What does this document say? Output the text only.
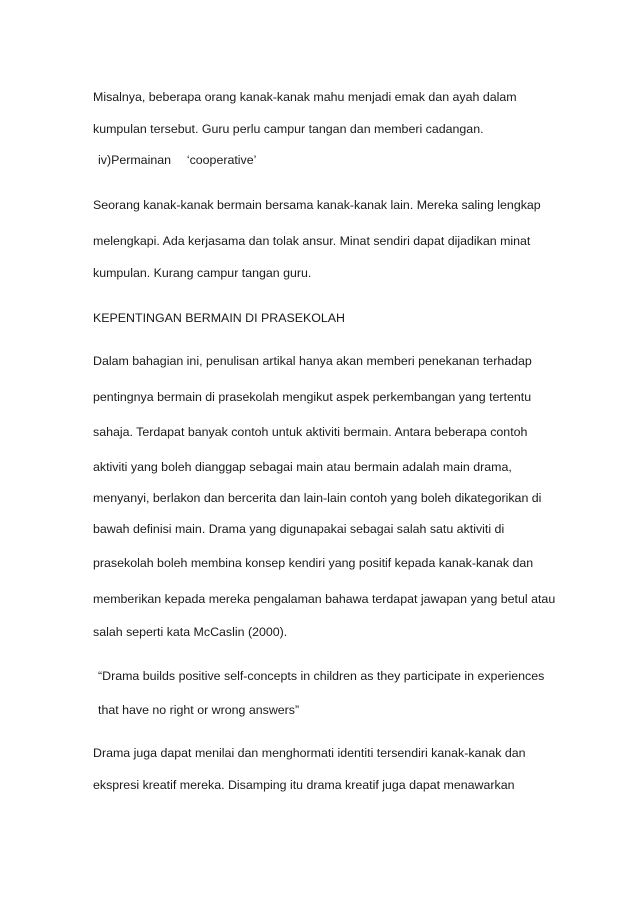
Misalnya, beberapa orang kanak-kanak mahu menjadi emak dan ayah dalam
kumpulan tersebut. Guru perlu campur tangan dan memberi cadangan.
iv)Permainan 　‘cooperative’
Seorang kanak-kanak bermain bersama kanak-kanak lain. Mereka saling lengkap
melengkapi. Ada kerjasama dan tolak ansur. Minat sendiri dapat dijadikan minat
kumpulan. Kurang campur tangan guru.
KEPENTINGAN BERMAIN DI PRASEKOLAH
Dalam bahagian ini, penulisan artikal hanya akan memberi penekanan terhadap
pentingnya bermain di prasekolah mengikut aspek perkembangan yang tertentu
sahaja. Terdapat banyak contoh untuk aktiviti bermain. Antara beberapa contoh
aktiviti yang boleh dianggap sebagai main atau bermain adalah main drama,
menyanyi, berlakon dan bercerita dan lain-lain contoh yang boleh dikategorikan di
bawah definisi main. Drama yang digunapakai sebagai salah satu aktiviti di
prasekolah boleh membina konsep kendiri yang positif kepada kanak-kanak dan
memberikan kepada mereka pengalaman bahawa terdapat jawapan yang betul atau
salah seperti kata McCaslin (2000).
“Drama builds positive self-concepts in children as they participate in experiences
that have no right or wrong answers”
Drama juga dapat menilai dan menghormati identiti tersendiri kanak-kanak dan
ekspresi kreatif mereka. Disamping itu drama kreatif juga dapat menawarkan
